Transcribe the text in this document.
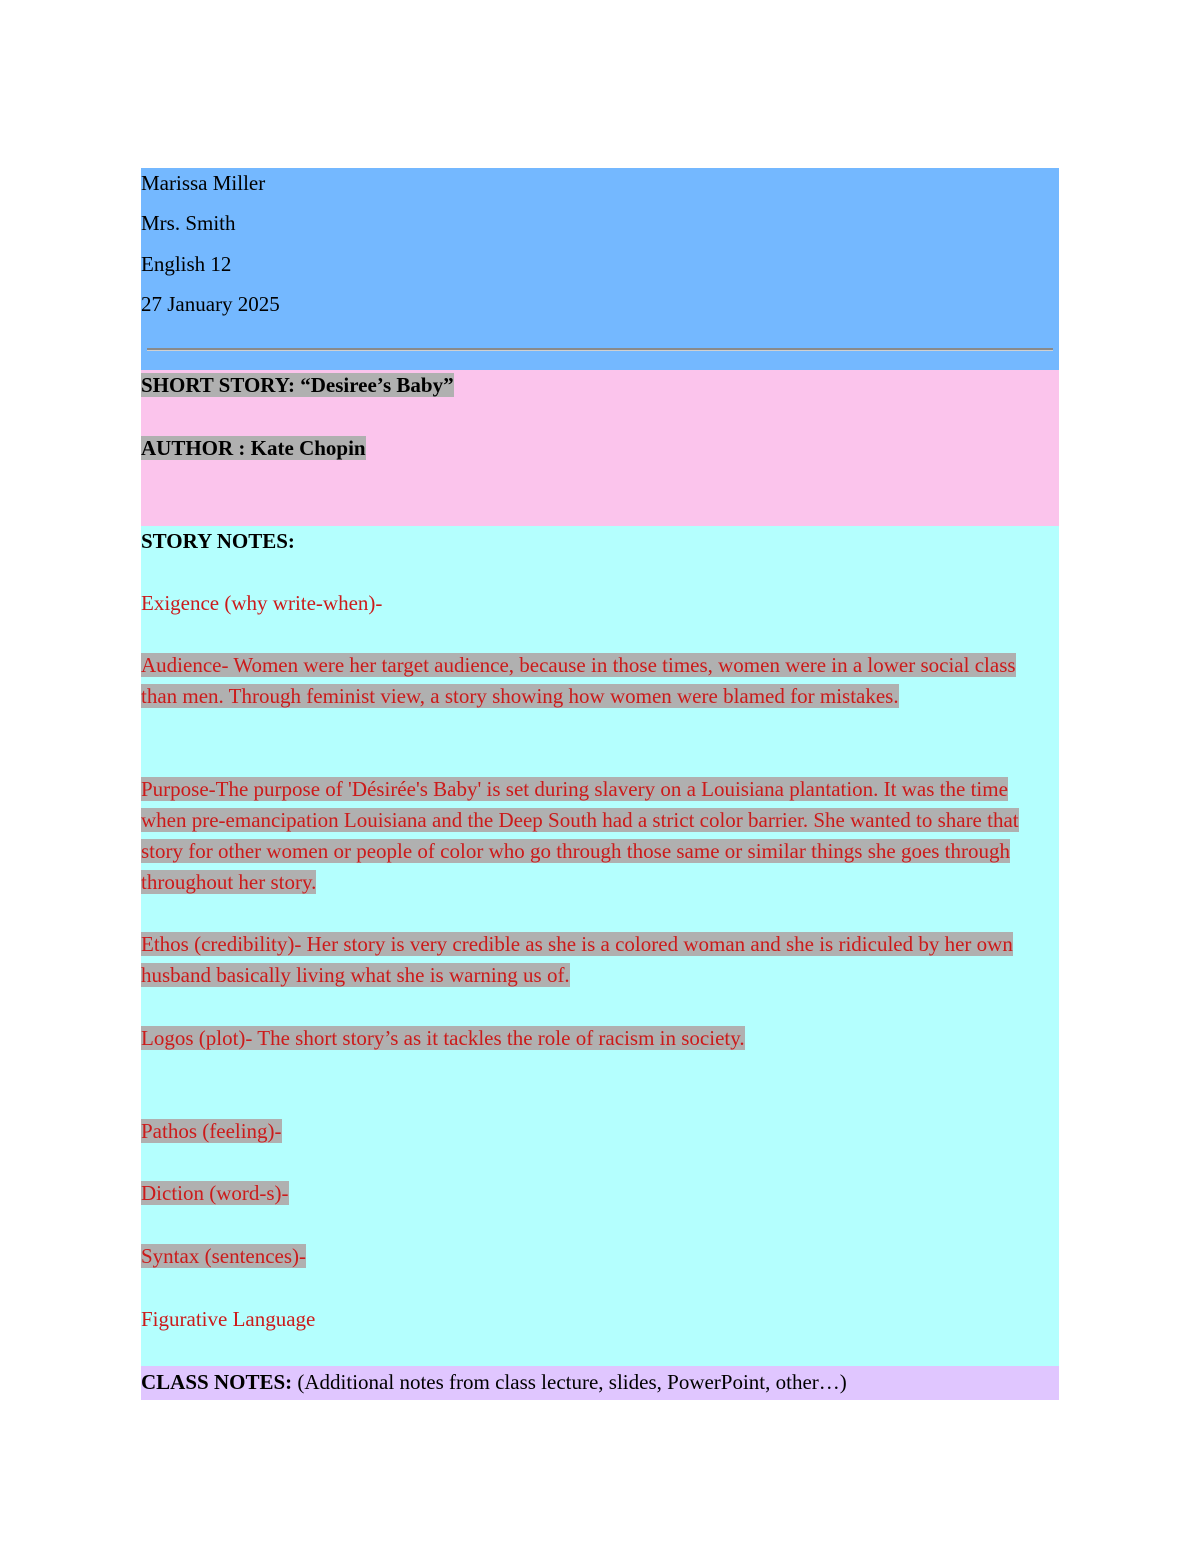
Marissa Miller
Mrs. Smith
English 12
27 January 2025
SHORT STORY: “Desiree’s Baby”
AUTHOR : Kate Chopin
STORY NOTES:
Exigence (why write-when)-
Audience- Women were her target audience, because in those times, women were in a lower social class than men. Through feminist view, a story showing how women were blamed for mistakes.
Purpose-The purpose of 'Désirée's Baby' is set during slavery on a Louisiana plantation. It was the time when pre-emancipation Louisiana and the Deep South had a strict color barrier. She wanted to share that story for other women or people of color who go through those same or similar things she goes through throughout her story.
Ethos (credibility)- Her story is very credible as she is a colored woman and she is ridiculed by her own husband basically living what she is warning us of.
Logos (plot)- The short story’s as it tackles the role of racism in society.
Pathos (feeling)-
Diction (word-s)-
Syntax (sentences)-
Figurative Language
CLASS NOTES: (Additional notes from class lecture, slides, PowerPoint, other…)
